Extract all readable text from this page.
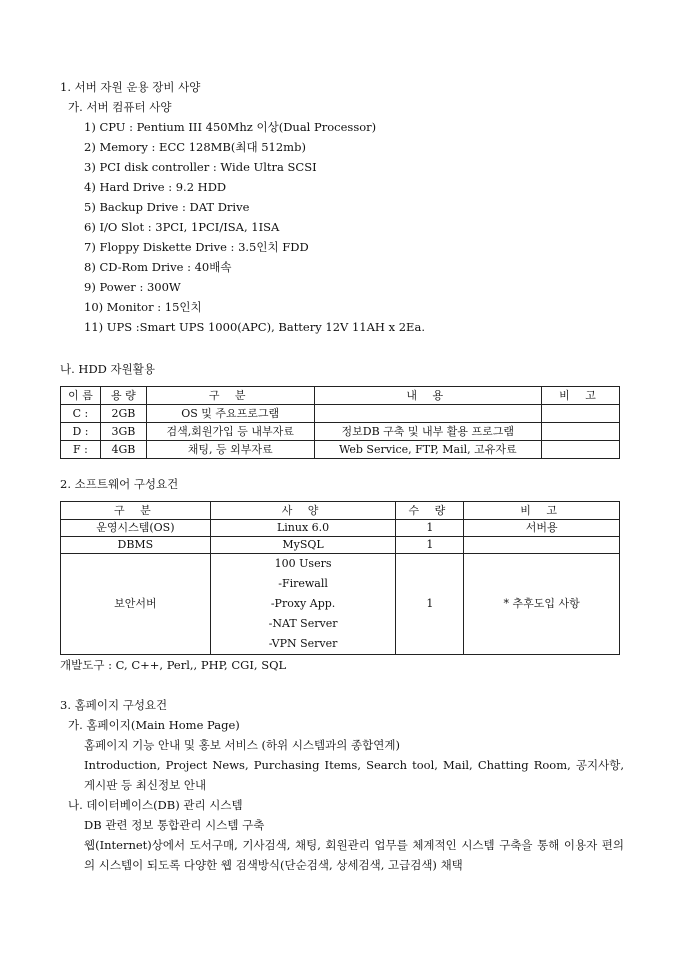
1. 서버 자원 운용 장비 사양
가. 서버 컴퓨터 사양
1) CPU : Pentium III 450Mhz 이상(Dual Processor)
2) Memory : ECC 128MB(최대 512mb)
3) PCI disk controller : Wide Ultra SCSI
4) Hard Drive : 9.2 HDD
5) Backup Drive : DAT Drive
6) I/O Slot : 3PCI, 1PCI/ISA, 1ISA
7) Floppy Diskette Drive : 3.5인치 FDD
8) CD-Rom Drive : 40배속
9) Power : 300W
10) Monitor : 15인치
11) UPS :Smart UPS 1000(APC), Battery 12V 11AH x 2Ea.
나. HDD 자원활용
이 름	용 량	구 분	내 용	비 고
C :	2GB	OS 및 주요프로그램		
D :	3GB	검색,회원가입 등 내부자료	정보DB 구축 및 내부 활용 프로그램	
F :	4GB	채팅, 등 외부자료	Web Service, FTP, Mail, 고유자료	
2. 소프트웨어 구성요건
구 분	사 양	수 량	비 고
운영시스템(OS)	Linux 6.0	1	서버용
DBMS	MySQL	1	
보안서버	100 Users
-Firewall
-Proxy App.
-NAT Server
-VPN Server	1	* 추후도입 사항
개발도구 : C, C++, Perl,, PHP, CGI, SQL
3. 홈페이지 구성요건
가. 홈페이지(Main Home Page)
홈페이지 기능 안내 및 홍보 서비스 (하위 시스템과의 종합연계)
Introduction, Project News, Purchasing Items, Search tool, Mail, Chatting Room, 공지사항, 게시판 등 최신정보 안내
나. 데이터베이스(DB) 관리 시스템
DB 관련 정보 통합관리 시스템 구축
웹(Internet)상에서 도서구매, 기사검색, 채팅, 회원관리 업무를 체계적인 시스템 구축을 통해 이용자 편의의 시스템이 되도록 다양한 웹 검색방식(단순검색, 상세검색, 고급검색) 채택
